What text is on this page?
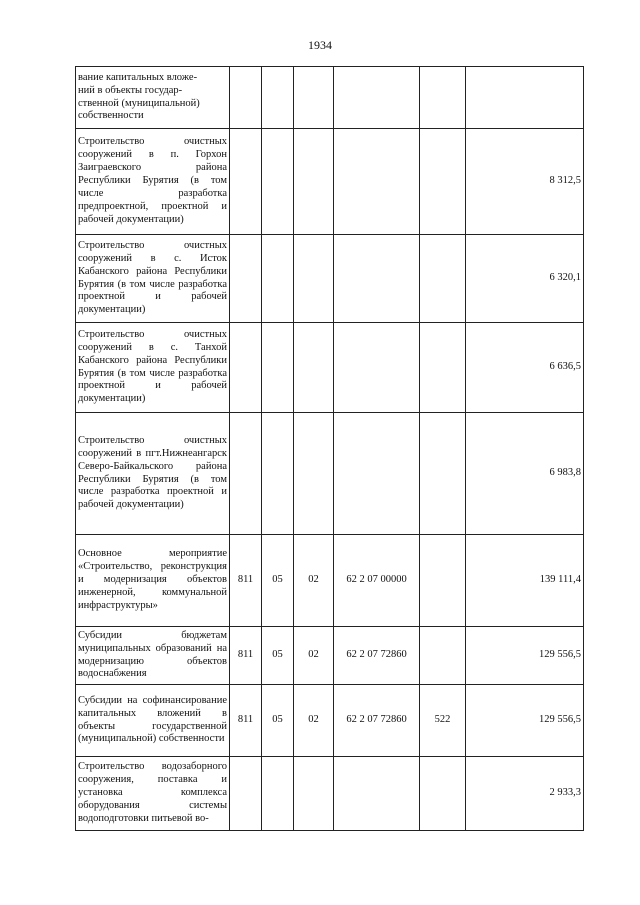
1934
вание капитальных вложе-
ний в объекты государ-
ственной (муниципальной)
собственности						
Строительство очистных сооружений в п. Горхон Заиграевского района Республики Бурятия (в том числе разработка предпроектной, проектной и рабочей документации)						8 312,5
Строительство очистных сооружений в с. Исток Кабанского района Республики Бурятия (в том числе разработка проектной и рабочей документации)						6 320,1
Строительство очистных сооружений в с. Танхой Кабанского района Республики Бурятия (в том числе разработка проектной и рабочей документации)						6 636,5
Строительство очистных сооружений в пгт.Нижнеангарск Северо-Байкальского района Республики Бурятия (в том числе разработка проектной и рабочей документации)						6 983,8
Основное мероприятие «Строительство, реконструкция и модернизация объектов инженерной, коммунальной инфраструктуры»	811	05	02	62 2 07 00000		139 111,4
Субсидии бюджетам муниципальных образований на модернизацию объектов водоснабжения	811	05	02	62 2 07 72860		129 556,5
Субсидии на софинансирование капитальных вложений в объекты государственной (муниципальной) собственности	811	05	02	62 2 07 72860	522	129 556,5
Строительство водозаборного сооружения, поставка и установка комплекса оборудования системы водоподготовки питьевой во-						2 933,3
